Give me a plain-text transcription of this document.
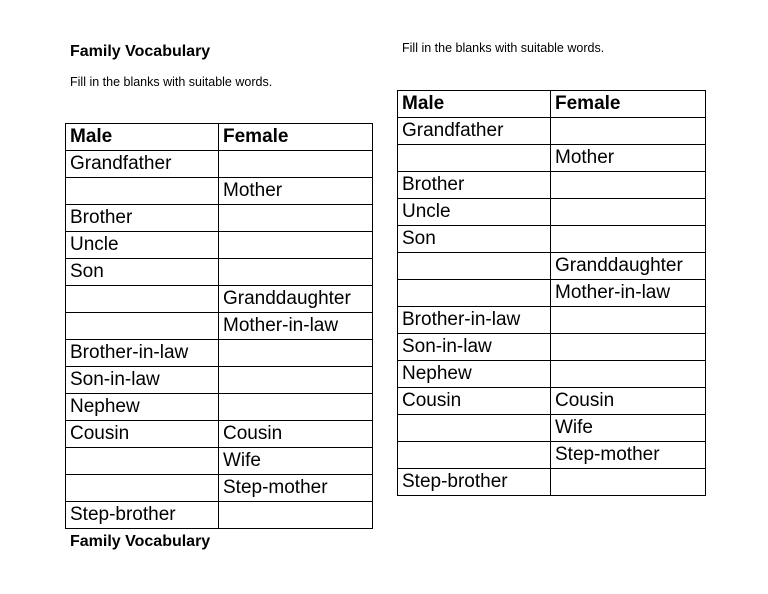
Family Vocabulary
Fill in the blanks with suitable words.
Male	Female
Grandfather	
	Mother
Brother	
Uncle	
Son	
	Granddaughter
	Mother-in-law
Brother-in-law	
Son-in-law	
Nephew	
Cousin	Cousin
	Wife
	Step-mother
Step-brother	
Family Vocabulary
Fill in the blanks with suitable words.
Male	Female
Grandfather	
	Mother
Brother	
Uncle	
Son	
	Granddaughter
	Mother-in-law
Brother-in-law	
Son-in-law	
Nephew	
Cousin	Cousin
	Wife
	Step-mother
Step-brother	
